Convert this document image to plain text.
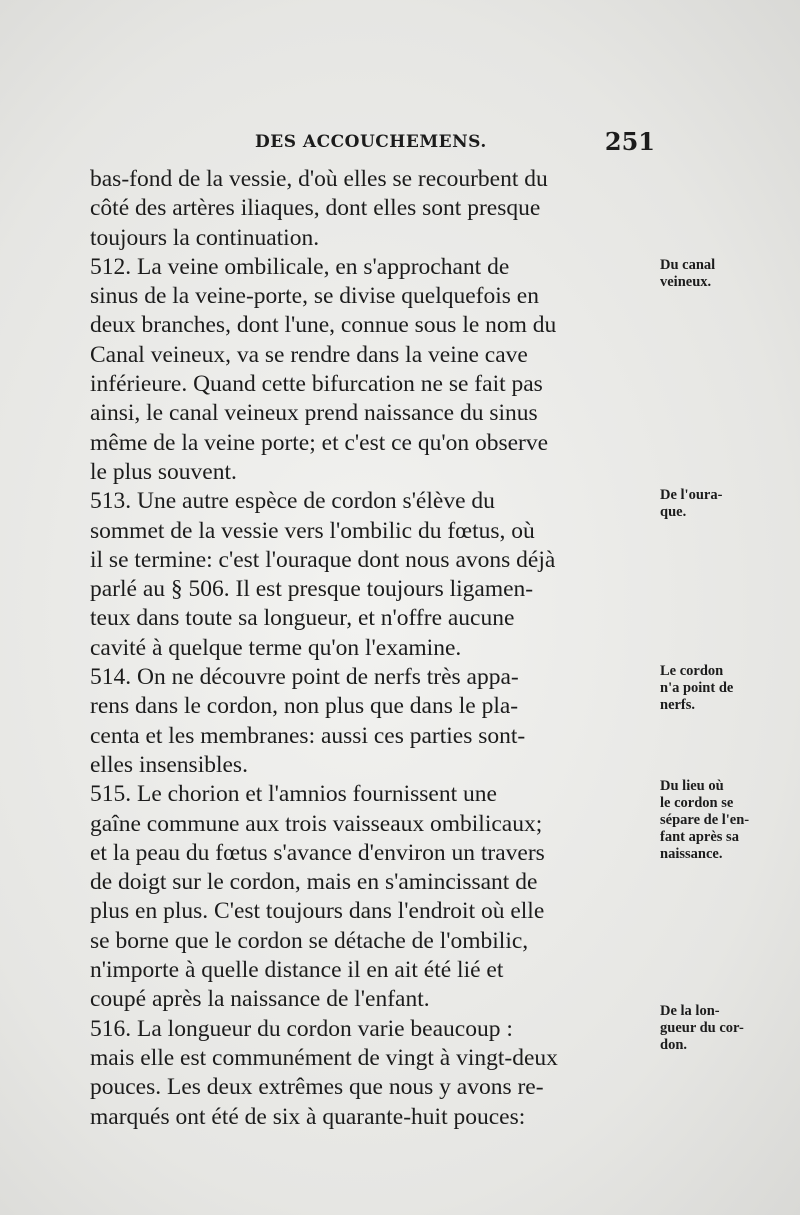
DES ACCOUCHEMENS.	251
bas-fond de la vessie, d'où elles se recourbent du
côté des artères iliaques, dont elles sont presque
toujours la continuation.
512. La veine ombilicale, en s'approchant de
sinus de la veine-porte, se divise quelquefois en
deux branches, dont l'une, connue sous le nom du
Canal veineux, va se rendre dans la veine cave
inférieure. Quand cette bifurcation ne se fait pas
ainsi, le canal veineux prend naissance du sinus
même de la veine porte; et c'est ce qu'on observe
le plus souvent.
513. Une autre espèce de cordon s'élève du
sommet de la vessie vers l'ombilic du fœtus, où
il se termine: c'est l'ouraque dont nous avons déjà
parlé au § 506. Il est presque toujours ligamen-
teux dans toute sa longueur, et n'offre aucune
cavité à quelque terme qu'on l'examine.
514. On ne découvre point de nerfs très appa-
rens dans le cordon, non plus que dans le pla-
centa et les membranes: aussi ces parties sont-
elles insensibles.
515. Le chorion et l'amnios fournissent une
gaîne commune aux trois vaisseaux ombilicaux;
et la peau du fœtus s'avance d'environ un travers
de doigt sur le cordon, mais en s'amincissant de
plus en plus. C'est toujours dans l'endroit où elle
se borne que le cordon se détache de l'ombilic,
n'importe à quelle distance il en ait été lié et
coupé après la naissance de l'enfant.
516. La longueur du cordon varie beaucoup :
mais elle est communément de vingt à vingt-deux
pouces. Les deux extrêmes que nous y avons re-
marqués ont été de six à quarante-huit pouces:
Du canal
veineux.
De l'oura-
que.
Le cordon
n'a point de
nerfs.
Du lieu où
le cordon se
sépare de l'en-
fant après sa
naissance.
De la lon-
gueur du cor-
don.
